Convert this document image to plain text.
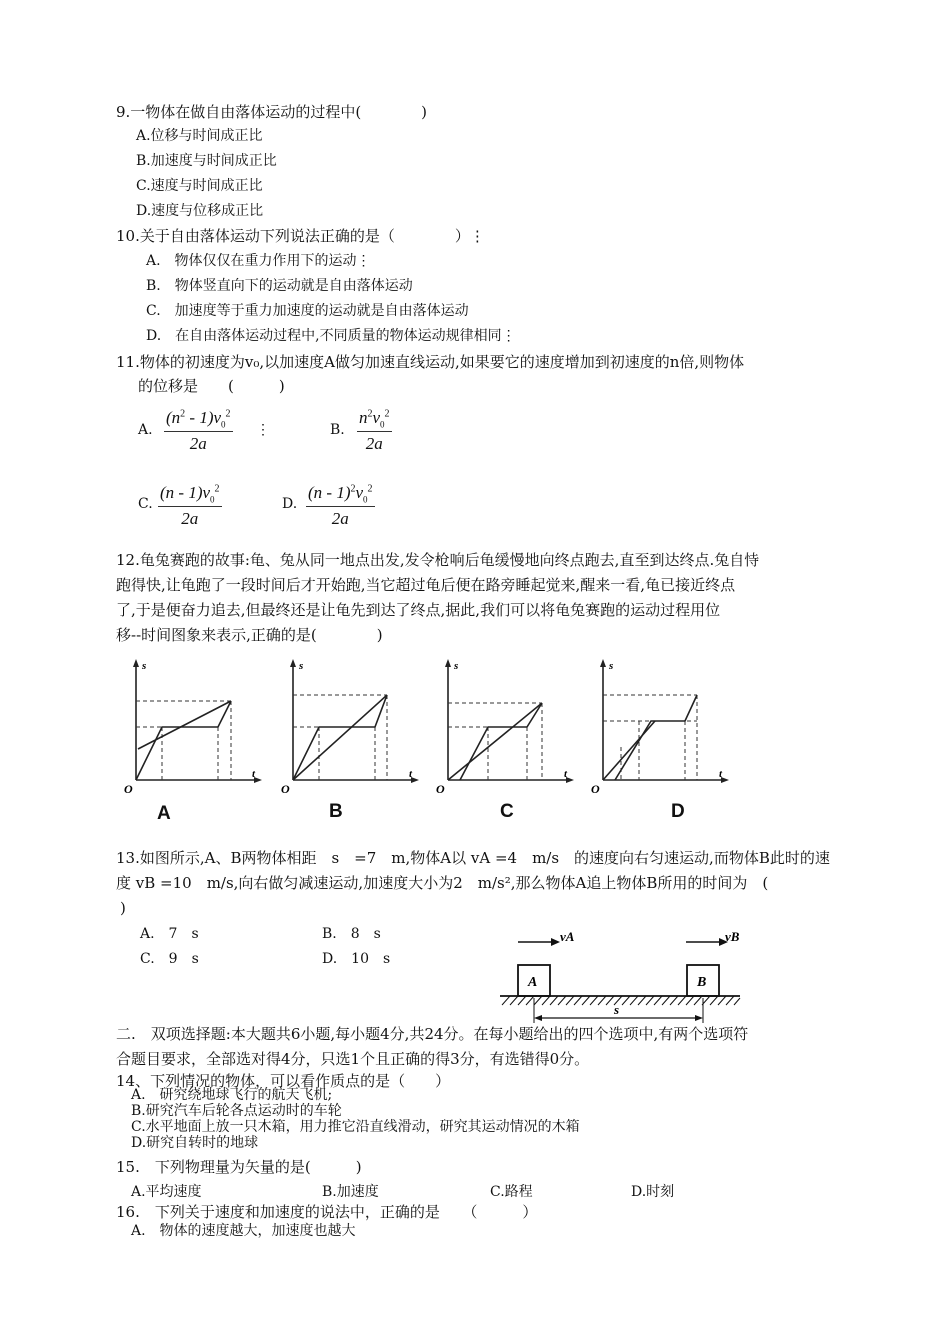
9.一物体在做自由落体运动的过程中(　　　　)
A.位移与时间成正比
B.加速度与时间成正比
C.速度与时间成正比
D.速度与位移成正比
10.关于自由落体运动下列说法正确的是（　　　　）⋮
A.　物体仅仅在重力作用下的运动⋮
B.　物体竖直向下的运动就是自由落体运动
C.　加速度等于重力加速度的运动就是自由落体运动
D.　在自由落体运动过程中,不同质量的物体运动规律相同⋮
11.物体的初速度为v₀,以加速度A做匀加速直线运动,如果要它的速度增加到初速度的n倍,则物体
的位移是　　(　　　)
A. $\frac{(n^2 - 1)v_0^2}{2a}$ ⋮	B. $\frac{n^2v_0^2}{2a}$
C. $\frac{(n - 1)v_0^2}{2a}$	D. $\frac{(n - 1)^2v_0^2}{2a}$
12.龟兔赛跑的故事:龟、兔从同一地点出发,发令枪响后龟缓慢地向终点跑去,直至到达终点.兔自恃
跑得快,让龟跑了一段时间后才开始跑,当它超过龟后便在路旁睡起觉来,醒来一看,龟已接近终点
了,于是便奋力追去,但最终还是让龟先到达了终点,据此,我们可以将龟兔赛跑的运动过程用位
移--时间图象来表示,正确的是(　　　　)
s
t
O
s
t
O
s
t
O
s
t
O
A	B	C	D
13.如图所示,A、B两物体相距　s　=7　m,物体A以 vA =4　m/s　的速度向右匀速运动,而物体B此时的速
度 vB =10　m/s,向右做匀减速运动,加速度大小为2　m/s²,那么物体A追上物体B所用的时间为　(
)
A.　7　s	B.　8　s
C.　9　s	D.　10　s
vA	vB
A	B
s
二.　双项选择题:本大题共6小题,每小题4分,共24分。在每小题给出的四个选项中,有两个选项符
合题目要求，全部选对得4分，只选1个且正确的得3分，有选错得0分。
14、下列情况的物体，可以看作质点的是（　　）
A.　研究绕地球飞行的航天飞机;
B.研究汽车后轮各点运动时的车轮
C.水平地面上放一只木箱，用力推它沿直线滑动，研究其运动情况的木箱
D.研究自转时的地球
15.　下列物理量为矢量的是(　　　)
A.平均速度	B.加速度	C.路程	D.时刻
16.　下列关于速度和加速度的说法中，正确的是　　（　　　）
A.　物体的速度越大，加速度也越大
